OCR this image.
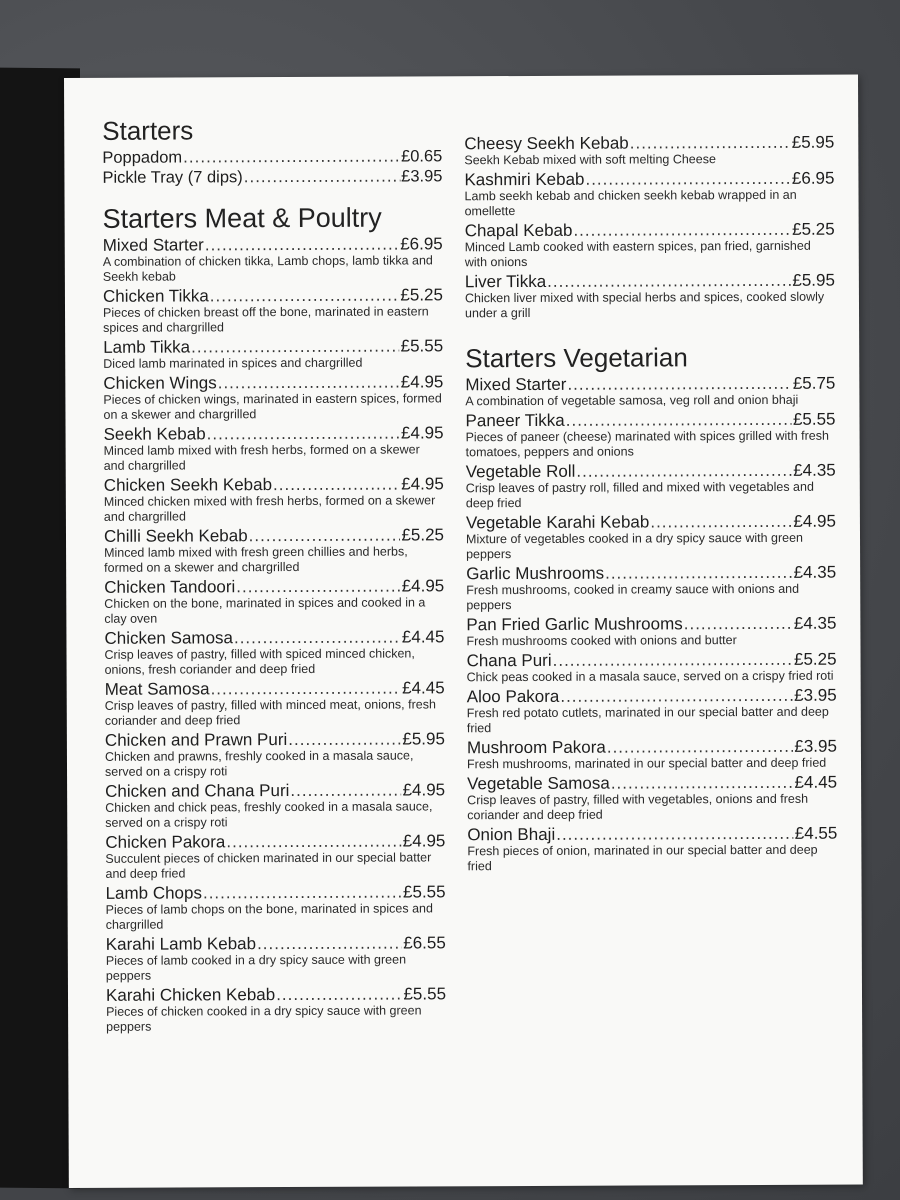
Starters
Poppadom .....	£0.65
Pickle Tray (7 dips) .....	£3.95
Starters Meat & Poultry
Mixed Starter .....	£6.95
A combination of chicken tikka, Lamb chops, lamb tikka and Seekh kebab
Chicken Tikka .....	£5.25
Pieces of chicken breast off the bone, marinated in eastern spices and chargrilled
Lamb Tikka .....	£5.55
Diced lamb marinated in spices and chargrilled
Chicken Wings .....	£4.95
Pieces of chicken wings, marinated in eastern spices, formed on a skewer and chargrilled
Seekh Kebab .....	£4.95
Minced lamb mixed with fresh herbs, formed on a skewer and chargrilled
Chicken Seekh Kebab .....	£4.95
Minced chicken mixed with fresh herbs, formed on a skewer and chargrilled
Chilli Seekh Kebab .....	£5.25
Minced lamb mixed with fresh green chillies and herbs, formed on a skewer and chargrilled
Chicken Tandoori .....	£4.95
Chicken on the bone, marinated in spices and cooked in a clay oven
Chicken Samosa .....	£4.45
Crisp leaves of pastry, filled with spiced minced chicken, onions, fresh coriander and deep fried
Meat Samosa .....	£4.45
Crisp leaves of pastry, filled with minced meat, onions, fresh coriander and deep fried
Chicken and Prawn Puri .....	£5.95
Chicken and prawns, freshly cooked in a masala sauce, served on a crispy roti
Chicken and Chana Puri .....	£4.95
Chicken and chick peas, freshly cooked in a masala sauce, served on a crispy roti
Chicken Pakora .....	£4.95
Succulent pieces of chicken marinated in our special batter and deep fried
Lamb Chops .....	£5.55
Pieces of lamb chops on the bone, marinated in spices and chargrilled
Karahi Lamb Kebab .....	£6.55
Pieces of lamb cooked in a dry spicy sauce with green peppers
Karahi Chicken Kebab .....	£5.55
Pieces of chicken cooked in a dry spicy sauce with green peppers
Cheesy Seekh Kebab .....	£5.95
Seekh Kebab mixed with soft melting Cheese
Kashmiri Kebab .....	£6.95
Lamb seekh kebab and chicken seekh kebab wrapped in an omellette
Chapal Kebab .....	£5.25
Minced Lamb cooked with eastern spices, pan fried, garnished with onions
Liver Tikka .....	£5.95
Chicken liver mixed with special herbs and spices, cooked slowly under a grill
Starters Vegetarian
Mixed Starter .....	£5.75
A combination of vegetable samosa, veg roll and onion bhaji
Paneer Tikka .....	£5.55
Pieces of paneer (cheese) marinated with spices grilled with fresh tomatoes, peppers and onions
Vegetable Roll .....	£4.35
Crisp leaves of pastry roll, filled and mixed with vegetables and deep fried
Vegetable Karahi Kebab .....	£4.95
Mixture of vegetables cooked in a dry spicy sauce with green peppers
Garlic Mushrooms .....	£4.35
Fresh mushrooms, cooked in creamy sauce with onions and peppers
Pan Fried Garlic Mushrooms .....	£4.35
Fresh mushrooms cooked with onions and butter
Chana Puri .....	£5.25
Chick peas cooked in a masala sauce, served on a crispy fried roti
Aloo Pakora .....	£3.95
Fresh red potato cutlets, marinated in our special batter and deep fried
Mushroom Pakora .....	£3.95
Fresh mushrooms, marinated in our special batter and deep fried
Vegetable Samosa .....	£4.45
Crisp leaves of pastry, filled with vegetables, onions and fresh coriander and deep fried
Onion Bhaji .....	£4.55
Fresh pieces of onion, marinated in our special batter and deep fried
